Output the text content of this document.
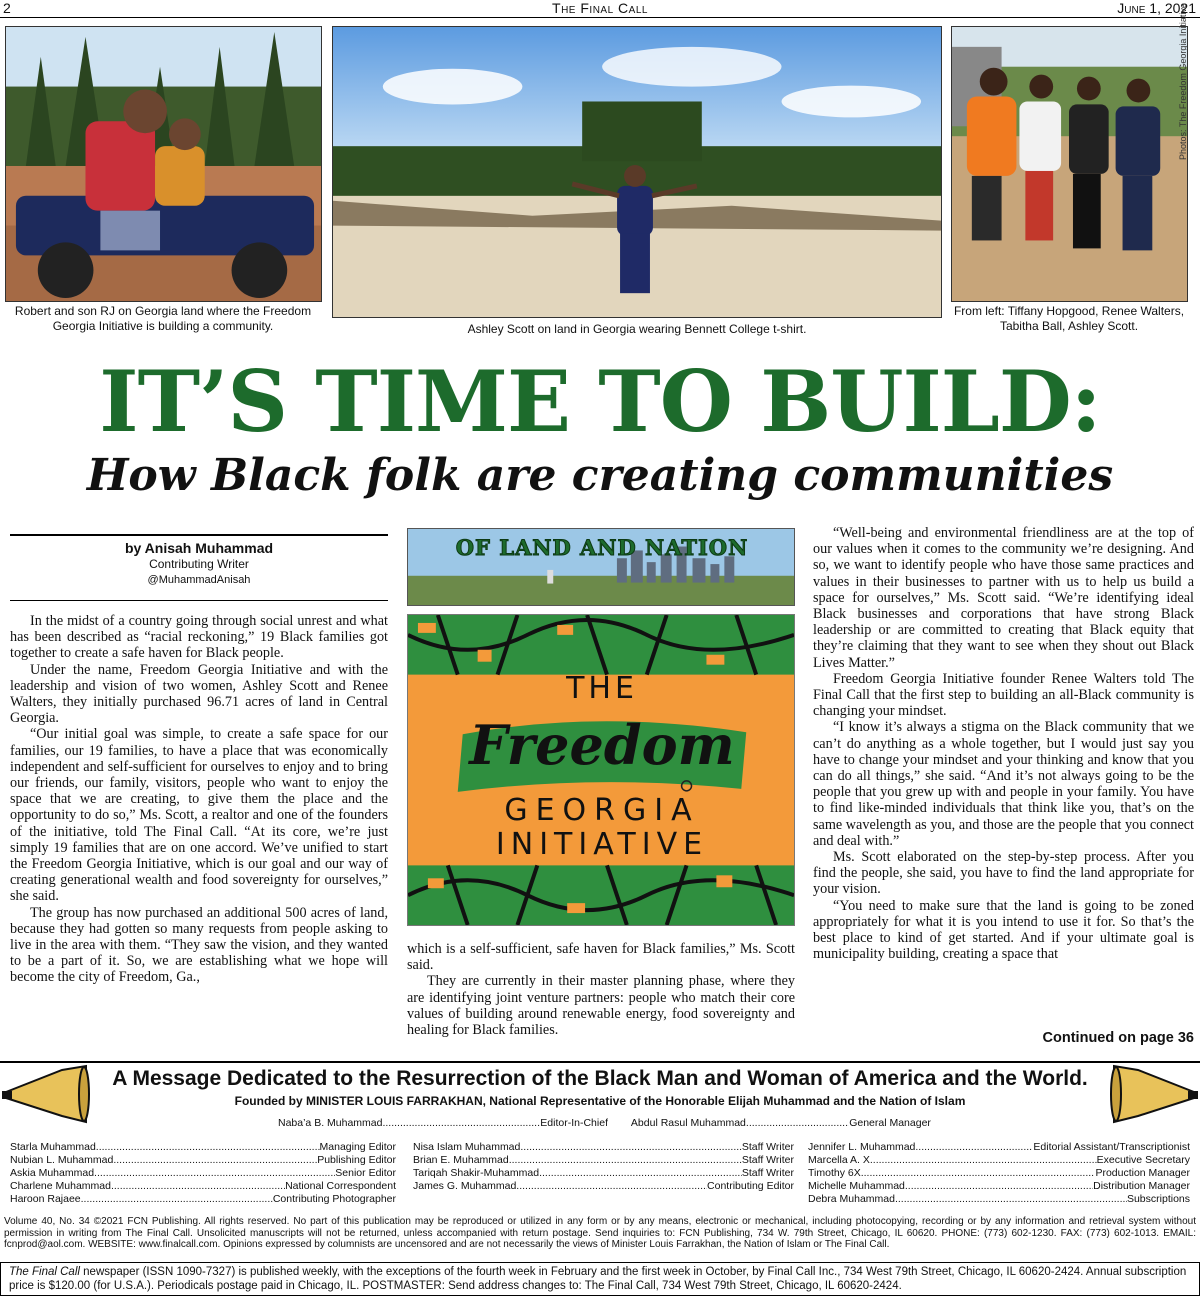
The Final Call
2	June 1, 2021
Robert and son RJ on Georgia land where the Freedom Georgia Initiative is building a community.	Ashley Scott on land in Georgia wearing Bennett College t-shirt.
From left: Tiffany Hopgood, Renee Walters, Tabitha Ball, Ashley Scott.
Photos: The Freedom Georgia Initiative
IT’S TIME TO BUILD:
How Black folk are creating communities
by Anisah Muhammad
Contributing Writer
@MuhammadAnisah

In the midst of a country going through social unrest and what has been described as “racial reckoning,” 19 Black families got together to create a safe haven for Black people.

Under the name, Freedom Georgia Initiative and with the leadership and vision of two women, Ashley Scott and Renee Walters, they initially purchased 96.71 acres of land in Central Georgia.

“Our initial goal was simple, to create a safe space for our families, our 19 families, to have a place that was economically independent and self-sufficient for ourselves to enjoy and to bring our friends, our family, visitors, people who want to enjoy the space that we are creating, to give them the place and the opportunity to do so,” Ms. Scott, a realtor and one of the founders of the initiative, told The Final Call. “At its core, we’re just simply 19 families that are on one accord. We’ve unified to start the Freedom Georgia Initiative, which is our goal and our way of creating generational wealth and food sovereignty for ourselves,” she said.

The group has now purchased an additional 500 acres of land, because they had gotten so many requests from people asking to live in the area with them. “They saw the vision, and they wanted to be a part of it. So, we are establishing what we hope will become the city of Freedom, Ga.,

OF LAND AND NATION
THE
Freedom
GEORGIA
INITIATIVE

which is a self-sufficient, safe haven for Black families,” Ms. Scott said.

They are currently in their master planning phase, where they are identifying joint venture partners: people who match their core values of building around renewable energy, food sovereignty and healing for Black families.

“Well-being and environmental friendliness are at the top of our values when it comes to the community we’re designing. And so, we want to identify people who have those same practices and values in their businesses to partner with us to help us build a space for ourselves,” Ms. Scott said. “We’re identifying ideal Black businesses and corporations that have strong Black leadership or are committed to creating that Black equity that they’re claiming that they want to see when they shout out Black Lives Matter.”

Freedom Georgia Initiative founder Renee Walters told The Final Call that the first step to building an all-Black community is changing your mindset.

“I know it’s always a stigma on the Black community that we can’t do anything as a whole together, but I would just say you have to change your mindset and your thinking and know that you can do all things,” she said. “And it’s not always going to be the people that you grew up with and people in your family. You have to find like-minded individuals that think like you, that’s on the same wavelength as you, and those are the people that you connect and deal with.”

Ms. Scott elaborated on the step-by-step process. After you find the people, she said, you have to find the land appropriate for your vision.

“You need to make sure that the land is going to be zoned appropriately for what it is you intend to use it for. So that’s the best place to kind of get started. And if your ultimate goal is municipality building, creating a space that

Continued on page 36
A Message Dedicated to the Resurrection of the Black Man and Woman of America and the World.
Founded by MINISTER LOUIS FARRAKHAN, National Representative of the Honorable Elijah Muhammad and the Nation of Islam
Naba’a B. Muhammad .....	Editor-In-Chief
Abdul Rasul Muhammad .....	General Manager
Starla Muhammad .....	Managing Editor
Nubian L. Muhammad .....	Publishing Editor
Askia Muhammad .....	Senior Editor
Charlene Muhammad .....	National Correspondent
Haroon Rajaee .....	Contributing Photographer
Nisa Islam Muhammad .....	Staff Writer
Brian E. Muhammad .....	Staff Writer
Tariqah Shakir-Muhammad .....	Staff Writer
James G. Muhammad .....	Contributing Editor
Jennifer L. Muhammad .....	Editorial Assistant/Transcriptionist
Marcella A. X. .....	Executive Secretary
Timothy 6X. .....	Production Manager
Michelle Muhammad .....	Distribution Manager
Debra Muhammad .....	Subscriptions
Volume 40, No. 34 ©2021 FCN Publishing. All rights reserved. No part of this publication may be reproduced or utilized in any form or by any means, electronic or mechanical, including photocopying, recording or by any information and retrieval system without permission in writing from The Final Call. Unsolicited manuscripts will not be returned, unless accompanied with return postage. Send inquiries to: FCN Publishing, 734 W. 79th Street, Chicago, IL 60620. PHONE: (773) 602-1230. FAX: (773) 602-1013. EMAIL: fcnprod@aol.com. WEBSITE: www.finalcall.com. Opinions expressed by columnists are uncensored and are not necessarily the views of Minister Louis Farrakhan, the Nation of Islam or The Final Call.
The Final Call newspaper (ISSN 1090-7327) is published weekly, with the exceptions of the fourth week in February and the first week in October, by Final Call Inc., 734 West 79th Street, Chicago, IL 60620-2424. Annual subscription price is $120.00 (for U.S.A.). Periodicals postage paid in Chicago, IL. POSTMASTER: Send address changes to: The Final Call, 734 West 79th Street, Chicago, IL 60620-2424.
